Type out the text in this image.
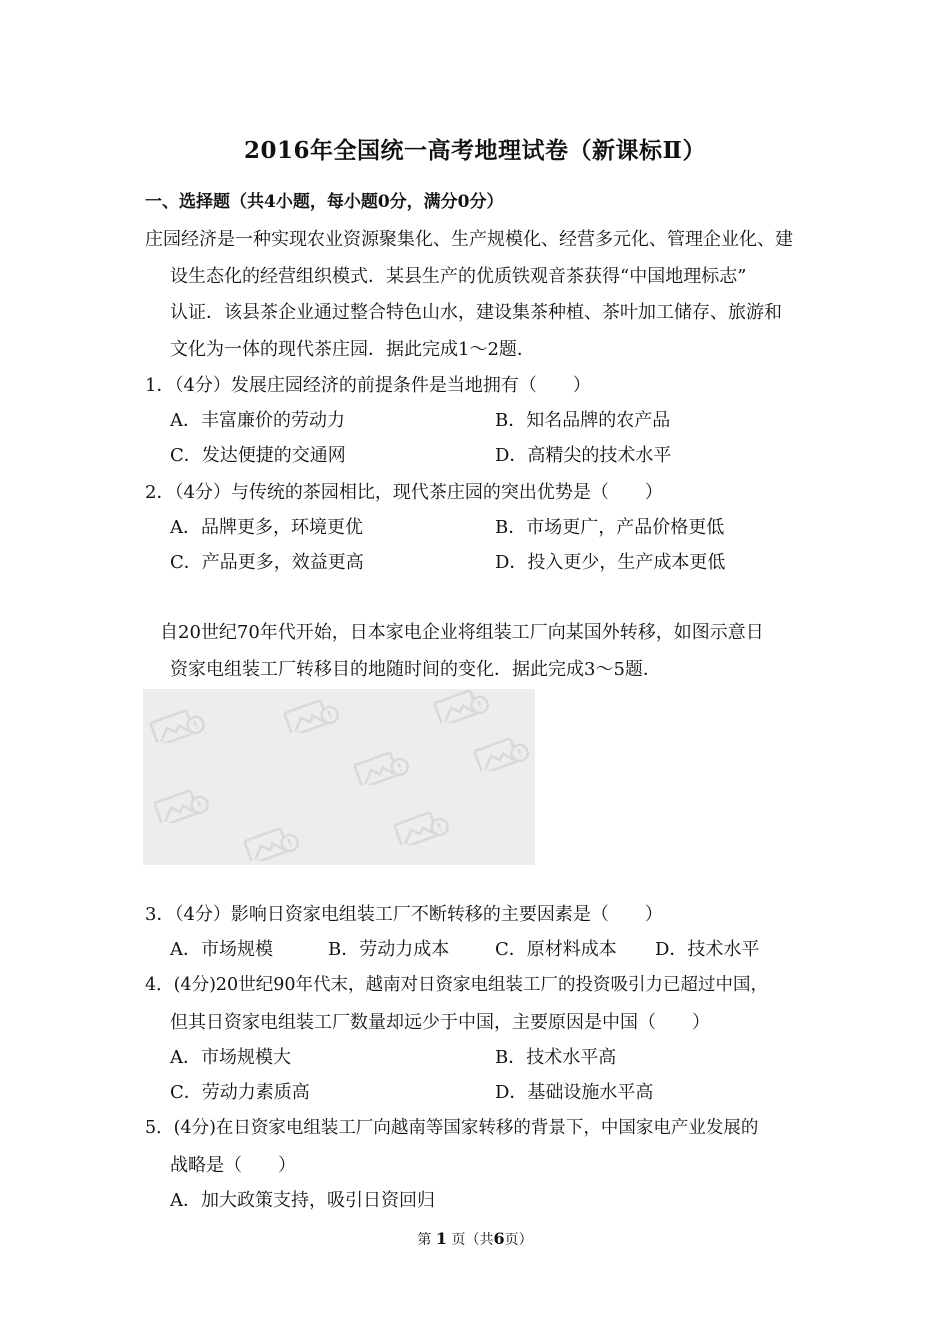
2016年全国统一高考地理试卷（新课标Ⅱ）
一、选择题（共4小题，每小题0分，满分0分）
庄园经济是一种实现农业资源聚集化、生产规模化、经营多元化、管理企业化、建
设生态化的经营组织模式．某县生产的优质铁观音茶获得“中国地理标志”
认证．该县茶企业通过整合特色山水，建设集茶种植、茶叶加工储存、旅游和
文化为一体的现代茶庄园．据此完成1～2题．
1．（4分）发展庄园经济的前提条件是当地拥有（　　）
A．丰富廉价的劳动力	B．知名品牌的农产品
C．发达便捷的交通网	D．高精尖的技术水平
2．（4分）与传统的茶园相比，现代茶庄园的突出优势是（　　）
A．品牌更多，环境更优	B．市场更广，产品价格更低
C．产品更多，效益更高	D．投入更少，生产成本更低
自20世纪70年代开始，日本家电企业将组装工厂向某国外转移，如图示意日
资家电组装工厂转移目的地随时间的变化．据此完成3～5题．
3．（4分）影响日资家电组装工厂不断转移的主要因素是（　　）
A．市场规模	B．劳动力成本	C．原材料成本 D．技术水平
4．(4分)20世纪90年代末，越南对日资家电组装工厂的投资吸引力已超过中国，
但其日资家电组装工厂数量却远少于中国，主要原因是中国（　　）
A．市场规模大	B．技术水平高
C．劳动力素质高	D．基础设施水平高
5．(4分)在日资家电组装工厂向越南等国家转移的背景下，中国家电产业发展的
战略是（　　）
A．加大政策支持，吸引日资回归
第 1 页（共6页）
